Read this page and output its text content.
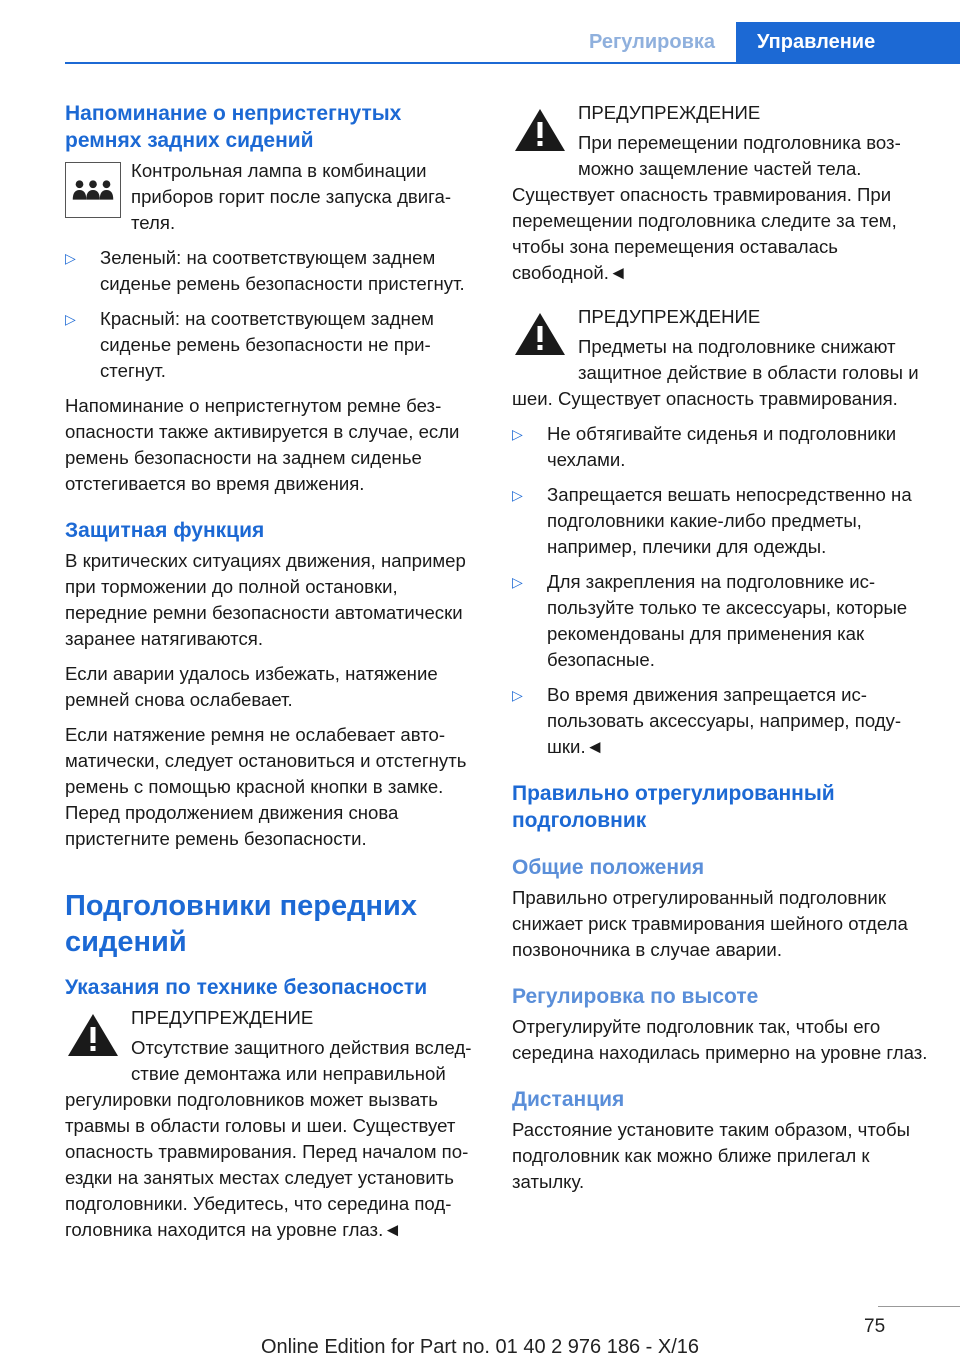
Регулировка	Управление
Напоминание о непристегнутых ремнях задних сидений
Контрольная лампа в комбинации приборов горит после запуска двигателя.
▷ Зеленый: на соответствующем заднем сиденье ремень безопасности пристегнут.
▷ Красный: на соответствующем заднем сиденье ремень безопасности не пристегнут.
Напоминание о непристегнутом ремне безопасности также активируется в случае, если ремень безопасности на заднем сиденье отстегивается во время движения.
Защитная функция
В критических ситуациях движения, например при торможении до полной остановки, передние ремни безопасности автоматически заранее натягиваются.
Если аварии удалось избежать, натяжение ремней снова ослабевает.
Если натяжение ремня не ослабевает автоматически, следует остановиться и отстегнуть ремень с помощью красной кнопки в замке. Перед продолжением движения снова пристегните ремень безопасности.
Подголовники передних сидений
Указания по технике безопасности
ПРЕДУПРЕЖДЕНИЕ
Отсутствие защитного действия вследствие демонтажа или неправильной регулировки подголовников может вызвать травмы в области головы и шеи. Существует опасность травмирования. Перед началом поездки на занятых местах следует установить подголовники. Убедитесь, что середина подголовника находится на уровне глаз.◄
ПРЕДУПРЕЖДЕНИЕ
При перемещении подголовника возможно защемление частей тела. Существует опасность травмирования. При перемещении подголовника следите за тем, чтобы зона перемещения оставалась свободной.◄
ПРЕДУПРЕЖДЕНИЕ
Предметы на подголовнике снижают защитное действие в области головы и шеи. Существует опасность травмирования.
▷ Не обтягивайте сиденья и подголовники чехлами.
▷ Запрещается вешать непосредственно на подголовники какие-либо предметы, например, плечики для одежды.
▷ Для закрепления на подголовнике используйте только те аксессуары, которые рекомендованы для применения как безопасные.
▷ Во время движения запрещается использовать аксессуары, например, подушки.◄
Правильно отрегулированный подголовник
Общие положения
Правильно отрегулированный подголовник снижает риск травмирования шейного отдела позвоночника в случае аварии.
Регулировка по высоте
Отрегулируйте подголовник так, чтобы его середина находилась примерно на уровне глаз.
Дистанция
Расстояние установите таким образом, чтобы подголовник как можно ближе прилегал к затылку.
75
Online Edition for Part no. 01 40 2 976 186 - X/16
